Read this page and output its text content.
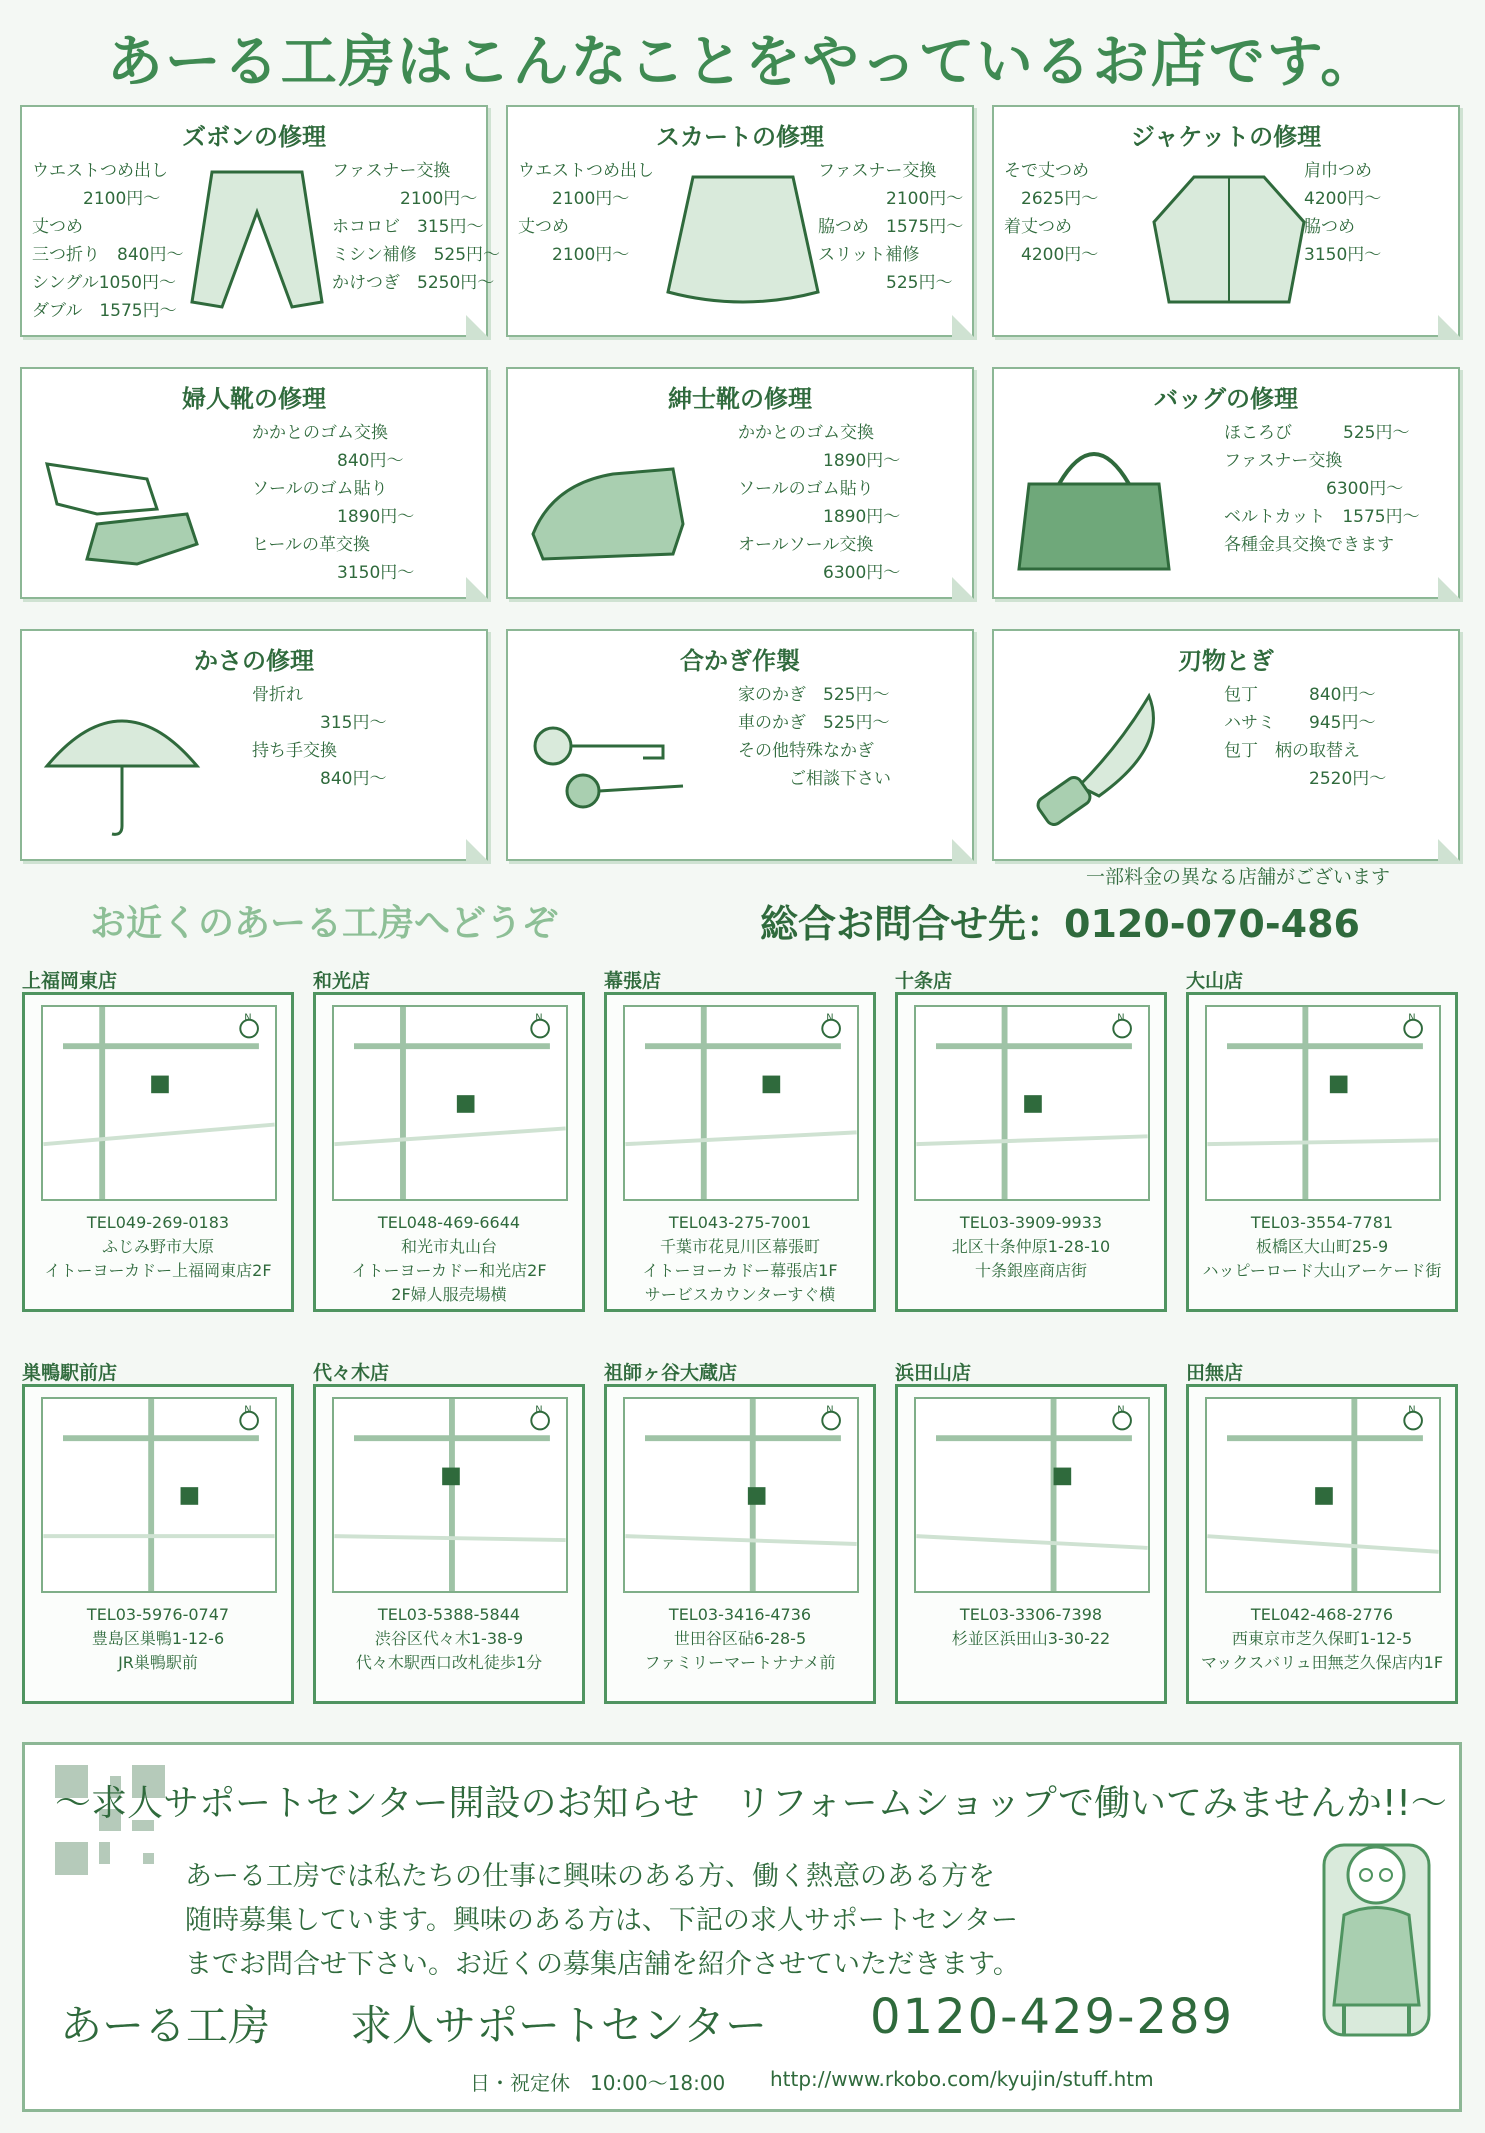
あーる工房はこんなことをやっているお店です。
ズボンの修理
ウエストつめ出し
　　　2100円〜
丈つめ
三つ折り　840円〜
シングル1050円〜
ダブル　1575円〜
ファスナー交換
　　　　2100円〜
ホコロビ　315円〜
ミシン補修　525円〜
かけつぎ　5250円〜
スカートの修理
ウエストつめ出し
　　2100円〜
丈つめ
　　2100円〜
ファスナー交換
　　　　2100円〜
脇つめ　1575円〜
スリット補修
　　　　525円〜
ジャケットの修理
そで丈つめ
　2625円〜
着丈つめ
　4200円〜
肩巾つめ
4200円〜
脇つめ
3150円〜
婦人靴の修理
かかとのゴム交換
　　　　　840円〜
ソールのゴム貼り
　　　　　1890円〜
ヒールの革交換
　　　　　3150円〜
紳士靴の修理
かかとのゴム交換
　　　　　1890円〜
ソールのゴム貼り
　　　　　1890円〜
オールソール交換
　　　　　6300円〜
バッグの修理
ほころび　　　525円〜
ファスナー交換
　　　　　　6300円〜
ベルトカット　1575円〜
各種金具交換できます
かさの修理
骨折れ
　　　　315円〜
持ち手交換
　　　　840円〜
合かぎ作製
家のかぎ　525円〜
車のかぎ　525円〜
その他特殊なかぎ
　　　ご相談下さい
刃物とぎ
包丁　　　840円〜
ハサミ　　945円〜
包丁　柄の取替え
　　　　　2520円〜
一部料金の異なる店舗がございます
お近くのあーる工房へどうぞ	総合お問合せ先：0120-070-486
上福岡東店
N
TEL049-269-0183
ふじみ野市大原
イトーヨーカドー上福岡東店2F
和光店
N
TEL048-469-6644
和光市丸山台
イトーヨーカドー和光店2F
2F婦人服売場横
幕張店
N
TEL043-275-7001
千葉市花見川区幕張町
イトーヨーカドー幕張店1F
サービスカウンターすぐ横
十条店
N
TEL03-3909-9933
北区十条仲原1-28-10
十条銀座商店街
大山店
N
TEL03-3554-7781
板橋区大山町25-9
ハッピーロード大山アーケード街
巣鴨駅前店
N
TEL03-5976-0747
豊島区巣鴨1-12-6
JR巣鴨駅前
代々木店
N
TEL03-5388-5844
渋谷区代々木1-38-9
代々木駅西口改札徒歩1分
祖師ヶ谷大蔵店
N
TEL03-3416-4736
世田谷区砧6-28-5
ファミリーマートナナメ前
浜田山店
N
TEL03-3306-7398
杉並区浜田山3-30-22
田無店
N
TEL042-468-2776
西東京市芝久保町1-12-5
マックスバリュ田無芝久保店内1F
〜求人サポートセンター開設のお知らせ　リフォームショップで働いてみませんか!!〜
あーる工房では私たちの仕事に興味のある方、働く熱意のある方を
随時募集しています。興味のある方は、下記の求人サポートセンター
までお問合せ下さい。お近くの募集店舗を紹介させていただきます。
あーる工房 求人サポートセンター 0120-429-289
日・祝定休　10:00〜18:00 http://www.rkobo.com/kyujin/stuff.htm
